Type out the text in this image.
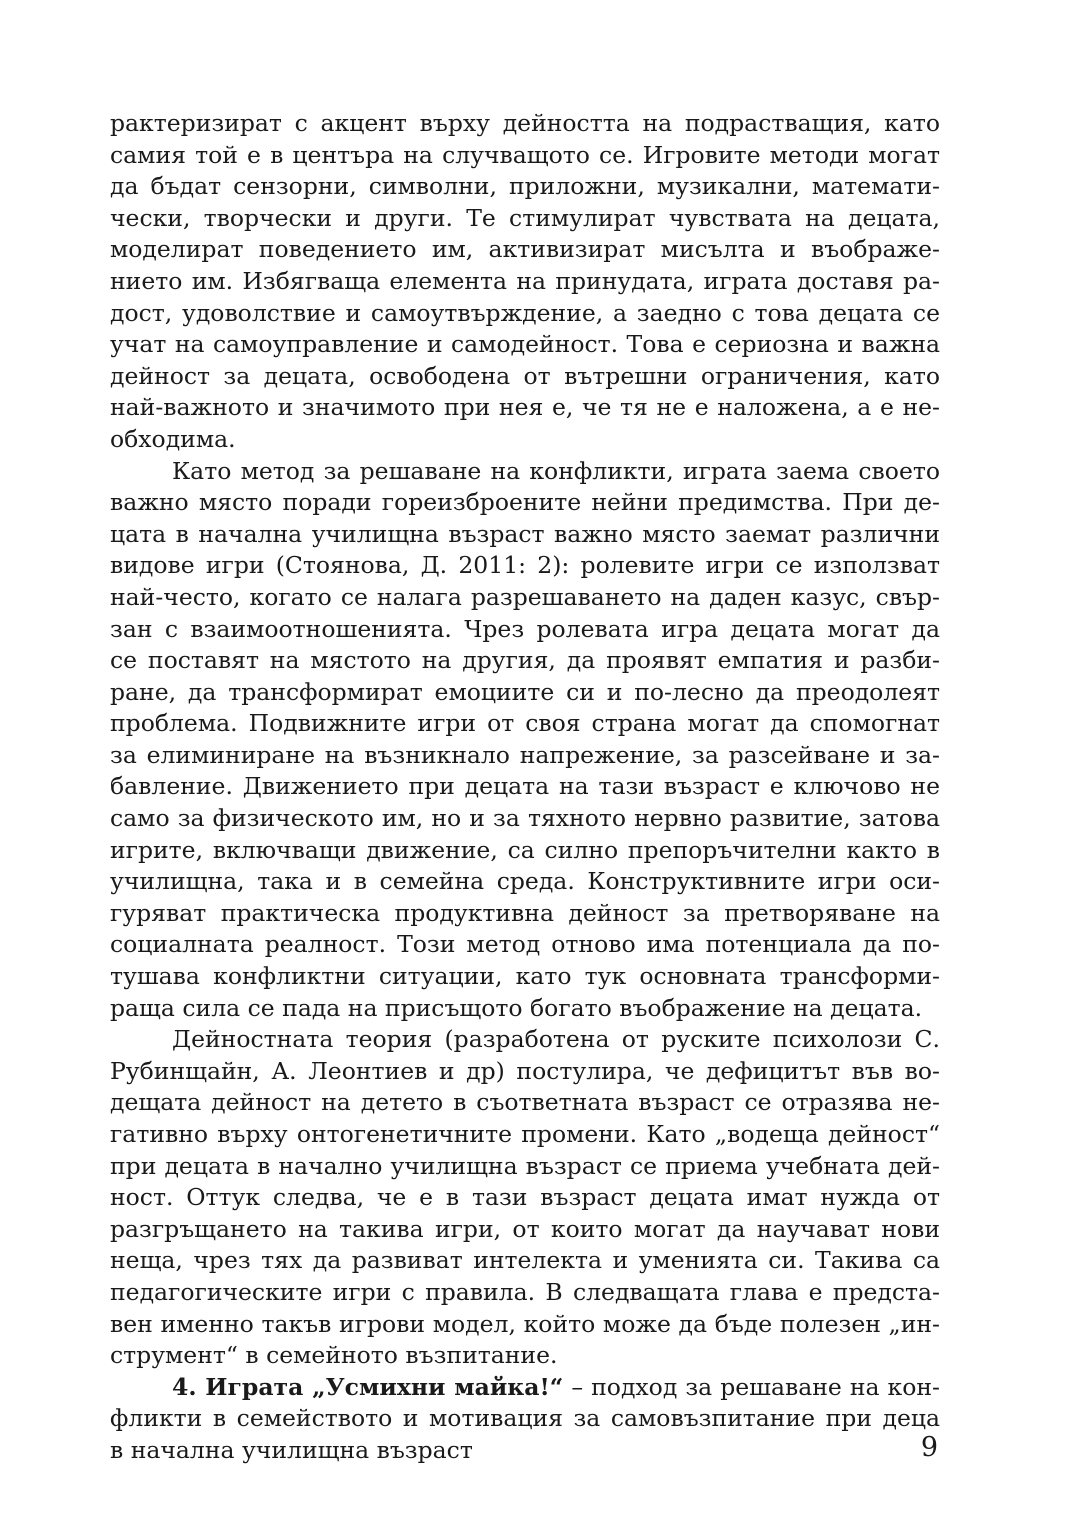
рактеризират с акцент върху дейността на подрастващия, като
самия той е в центъра на случващото се. Игровите методи могат
да бъдат сензорни, символни, приложни, музикални, математи-
чески, творчески и други. Те стимулират чувствата на децата,
моделират поведението им, активизират мисълта и въображе-
нието им. Избягваща елемента на принудата, играта доставя ра-
дост, удоволствие и самоутвърждение, а заедно с това децата се
учат на самоуправление и самодейност. Това е сериозна и важна
дейност за децата, освободена от вътрешни ограничения, като
най-важното и значимото при нея е, че тя не е наложена, а е не-
обходима.
Като метод за решаване на конфликти, играта заема своето
важно място поради гореизброените нейни предимства. При де-
цата в начална училищна възраст важно място заемат различни
видове игри (Стоянова, Д. 2011: 2): ролевите игри се използват
най-често, когато се налага разрешаването на даден казус, свър-
зан с взаимоотношенията. Чрез ролевата игра децата могат да
се поставят на мястото на другия, да проявят емпатия и разби-
ране, да трансформират емоциите си и по-лесно да преодолеят
проблема. Подвижните игри от своя страна могат да спомогнат
за елиминиране на възникнало напрежение, за разсейване и за-
бавление. Движението при децата на тази възраст е ключово не
само за физическото им, но и за тяхното нервно развитие, затова
игрите, включващи движение, са силно препоръчителни както в
училищна, така и в семейна среда. Конструктивните игри оси-
гуряват практическа продуктивна дейност за претворяване на
социалната реалност. Този метод отново има потенциала да по-
тушава конфликтни ситуации, като тук основната трансформи-
раща сила се пада на присъщото богато въображение на децата.
Дейностната теория (разработена от руските психолози С.
Рубинщайн, А. Леонтиев и др) постулира, че дефицитът във во-
дещата дейност на детето в съответната възраст се отразява не-
гативно върху онтогенетичните промени. Като „водеща дейност“
при децата в начално училищна възраст се приема учебната дей-
ност. Оттук следва, че е в тази възраст децата имат нужда от
разгръщането на такива игри, от които могат да научават нови
неща, чрез тях да развиват интелекта и уменията си. Такива са
педагогическите игри с правила. В следващата глава е предста-
вен именно такъв игрови модел, който може да бъде полезен „ин-
струмент“ в семейното възпитание.
4. Играта „Усмихни майка!“ – подход за решаване на кон-
фликти в семейството и мотивация за самовъзпитание при деца
в начална училищна възраст	9
